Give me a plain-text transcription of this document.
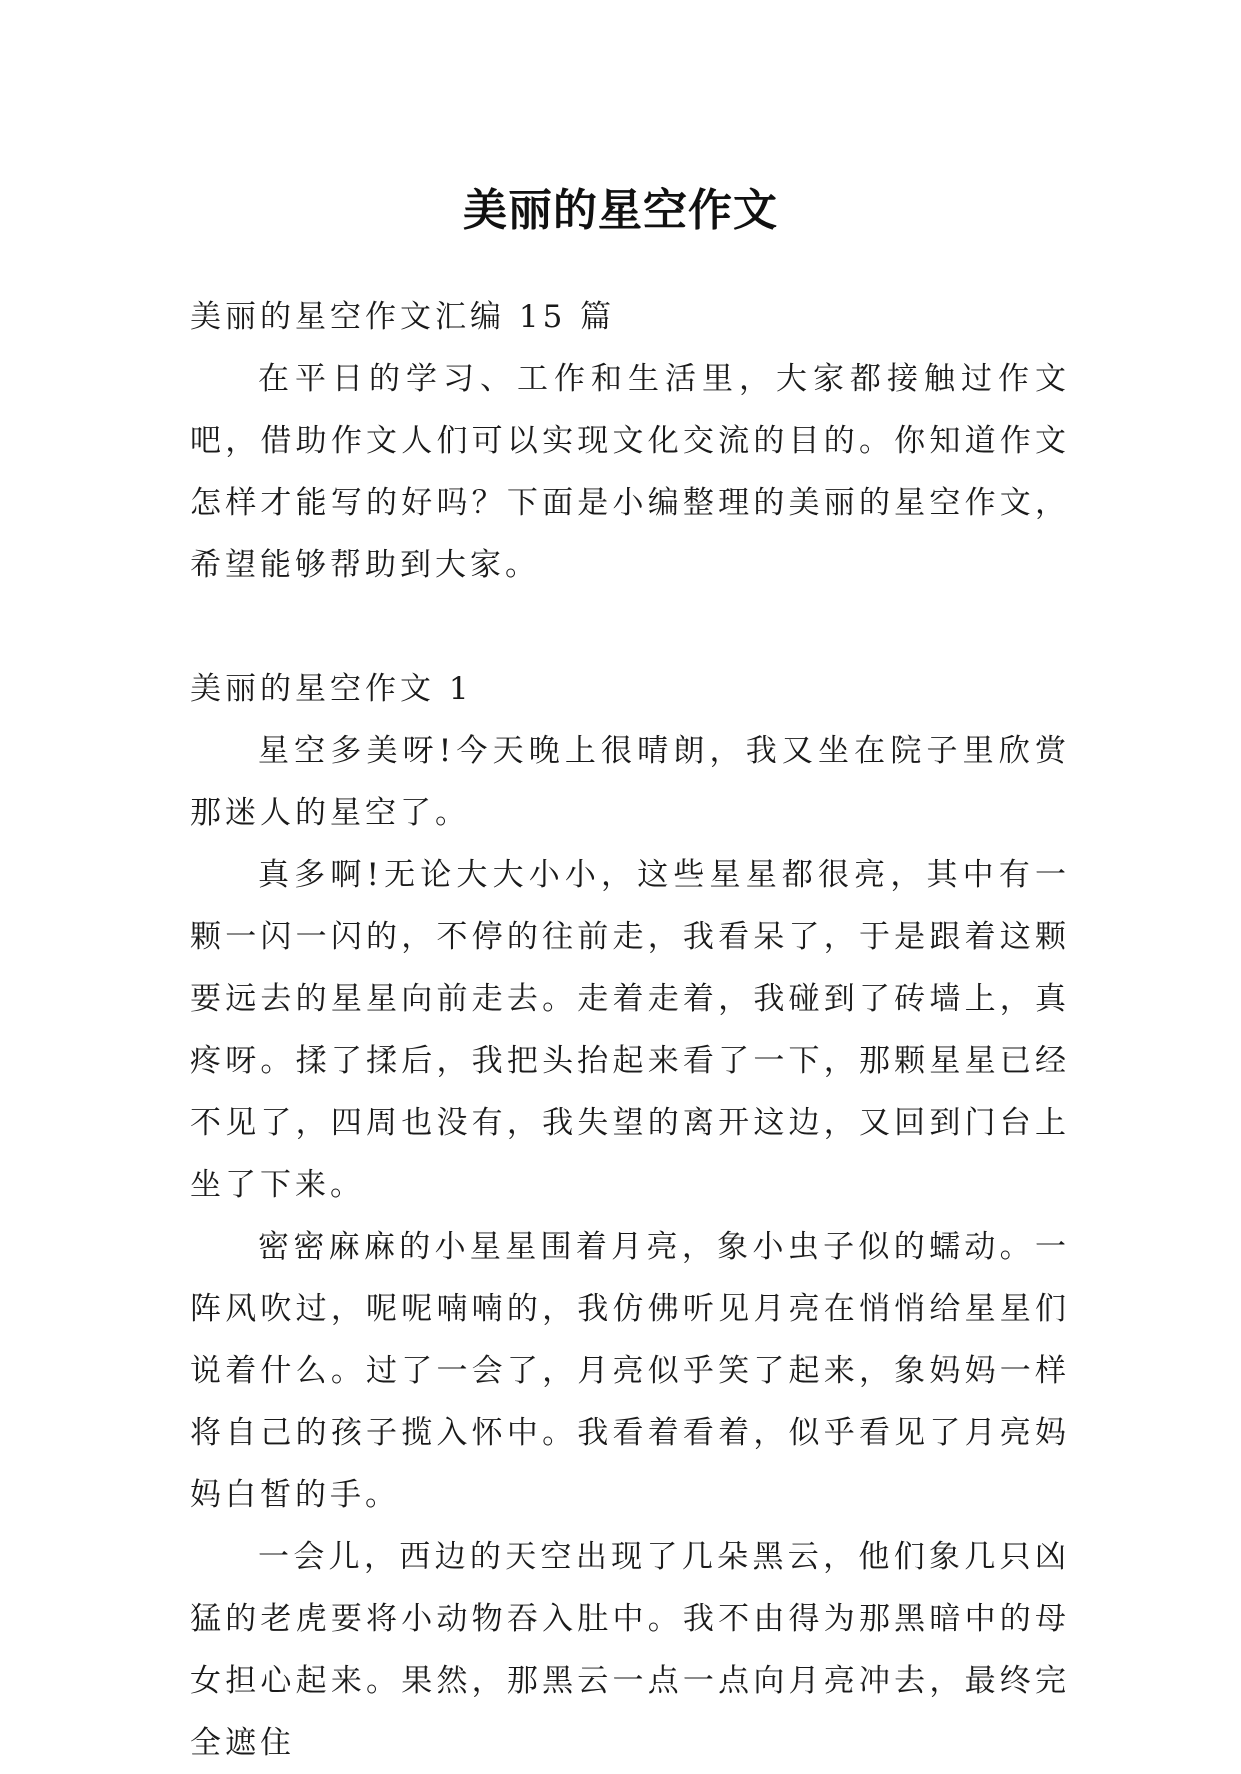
美丽的星空作文

美丽的星空作文汇编 15 篇

在平日的学习、工作和生活里，大家都接触过作文吧，借助作文人们可以实现文化交流的目的。你知道作文怎样才能写的好吗？下面是小编整理的美丽的星空作文，希望能够帮助到大家。

美丽的星空作文 1

星空多美呀!今天晚上很晴朗，我又坐在院子里欣赏那迷人的星空了。

真多啊!无论大大小小，这些星星都很亮，其中有一颗一闪一闪的，不停的往前走，我看呆了，于是跟着这颗要远去的星星向前走去。走着走着，我碰到了砖墙上，真疼呀。揉了揉后，我把头抬起来看了一下，那颗星星已经不见了，四周也没有，我失望的离开这边，又回到门台上坐了下来。

密密麻麻的小星星围着月亮，象小虫子似的蠕动。一阵风吹过，呢呢喃喃的，我仿佛听见月亮在悄悄给星星们说着什么。过了一会了，月亮似乎笑了起来，象妈妈一样将自己的孩子揽入怀中。我看着看着，似乎看见了月亮妈妈白皙的手。

一会儿，西边的天空出现了几朵黑云，他们象几只凶猛的老虎要将小动物吞入肚中。我不由得为那黑暗中的母女担心起来。果然，那黑云一点一点向月亮冲去，最终完全遮住
